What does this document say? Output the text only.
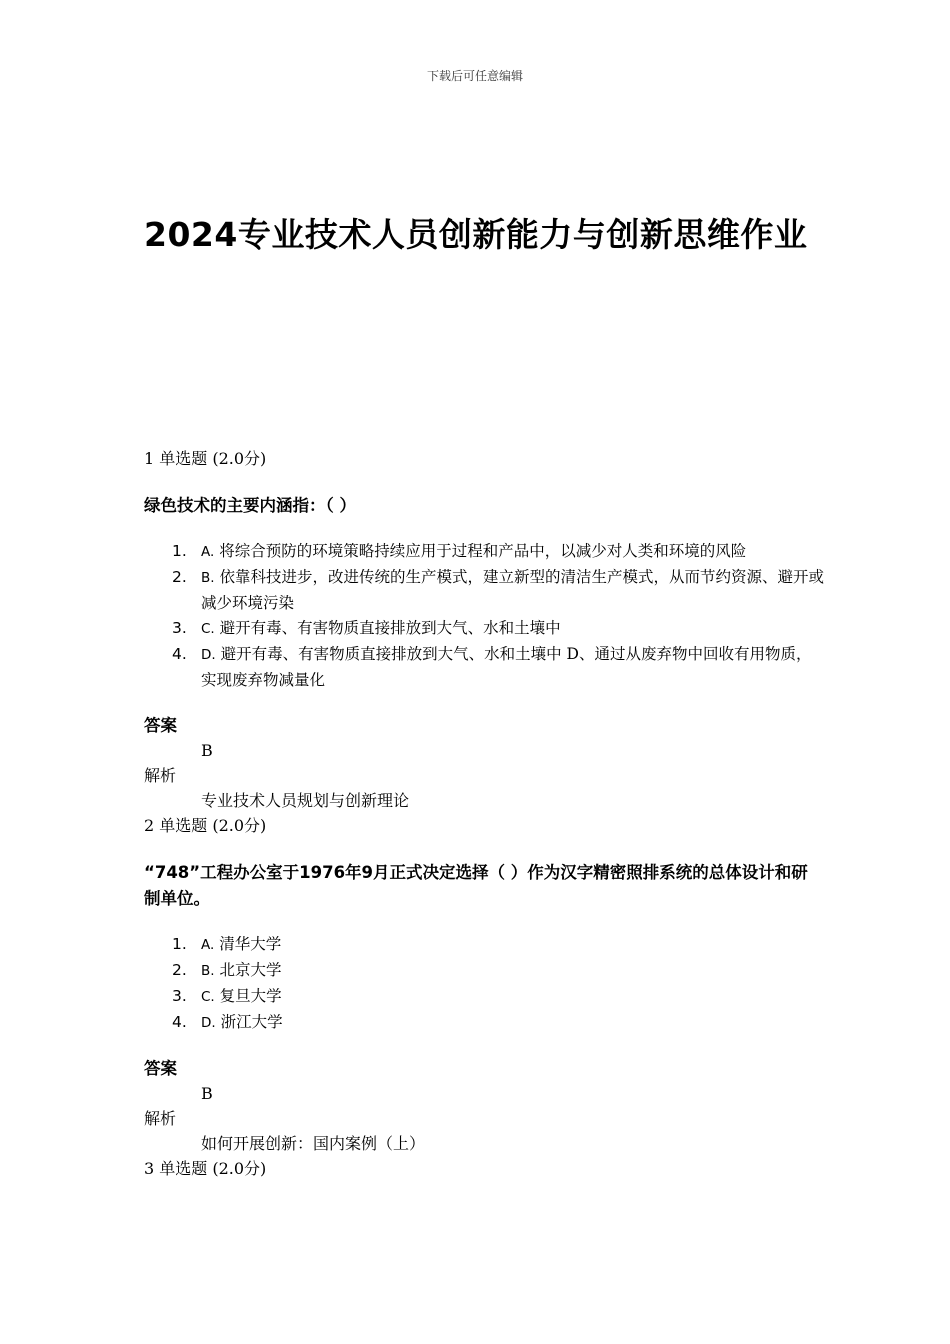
下载后可任意编辑
2024专业技术人员创新能力与创新思维作业
1 单选题 (2.0分)

绿色技术的主要内涵指：（ ）

1. A. 将综合预防的环境策略持续应用于过程和产品中，以减少对人类和环境的风险
2. B. 依靠科技进步，改进传统的生产模式，建立新型的清洁生产模式，从而节约资源、避开或减少环境污染
3. C. 避开有毒、有害物质直接排放到大气、水和土壤中
4. D. 避开有毒、有害物质直接排放到大气、水和土壤中 D、通过从废弃物中回收有用物质，实现废弃物减量化
答案
B
解析
专业技术人员规划与创新理论
2 单选题 (2.0分)

“748”工程办公室于1976年9月正式决定选择（ ）作为汉字精密照排系统的总体设计和研制单位。

1. A. 清华大学
2. B. 北京大学
3. C. 复旦大学
4. D. 浙江大学
答案
B
解析
如何开展创新：国内案例（上）
3 单选题 (2.0分)
